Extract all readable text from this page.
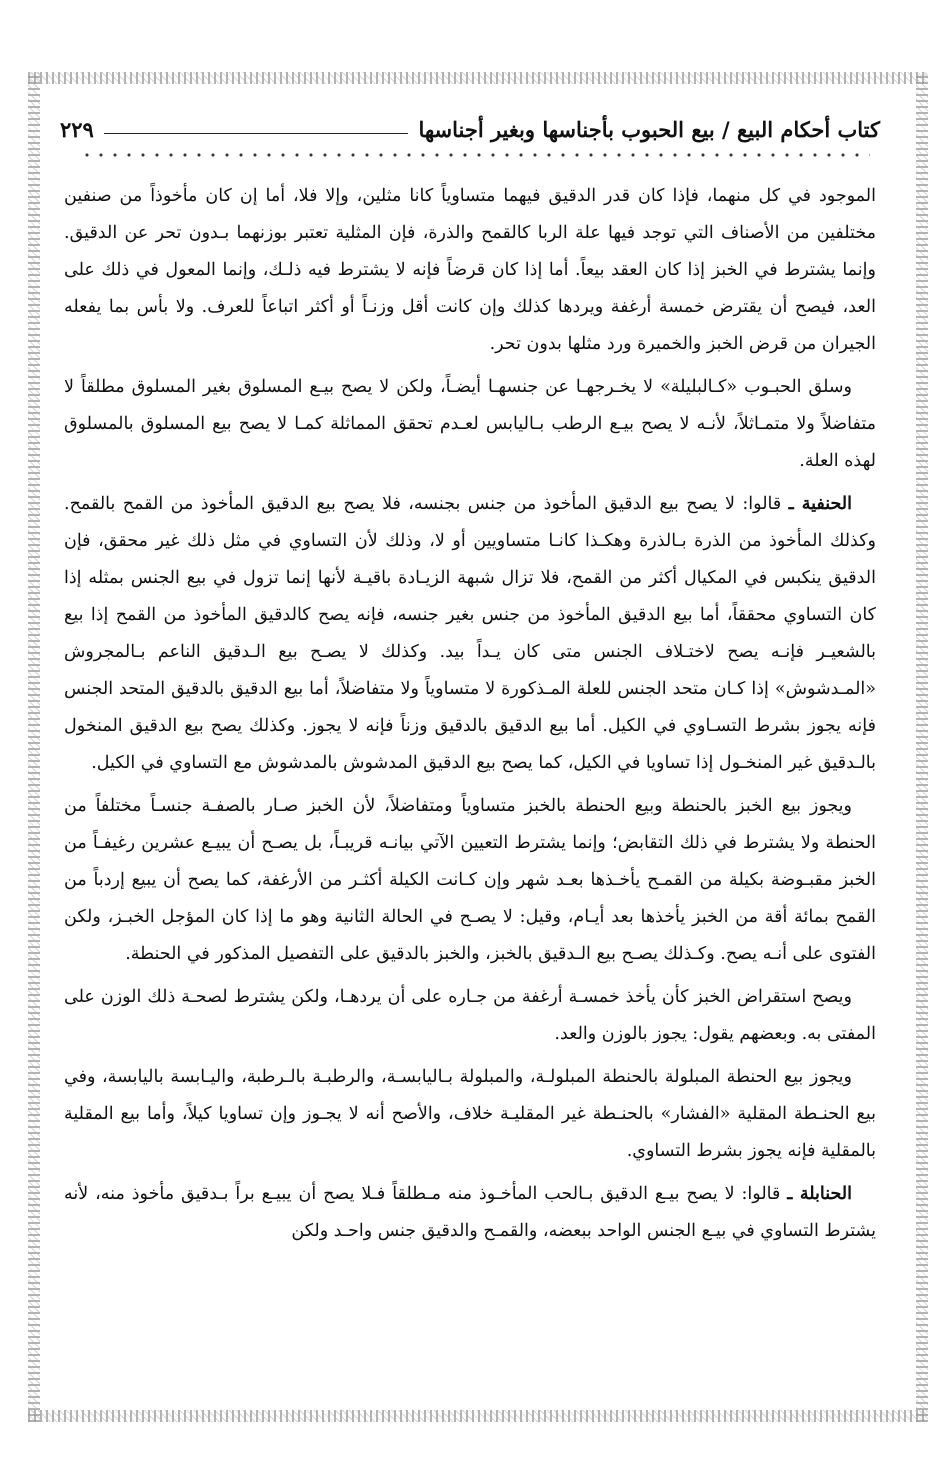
كتاب أحكام البيع / بيع الحبوب بأجناسها وبغير أجناسها
٢٢٩

الموجود في كل منهما، فإذا كان قدر الدقيق فيهما متساوياً كانا مثلين، وإلا فلا، أما إن كان مأخوذاً من صنفين مختلفين من الأصناف التي توجد فيها علة الربا كالقمح والذرة، فإن المثلية تعتبر بوزنهما بـدون تحر عن الدقيق. وإنما يشترط في الخبز إذا كان العقد بيعاً. أما إذا كان قرضاً فإنه لا يشترط فيه ذلـك، وإنما المعول في ذلك على العد، فيصح أن يقترض خمسة أرغفة ويردها كذلك وإن كانت أقل وزنـاً أو أكثر اتباعاً للعرف. ولا بأس بما يفعله الجيران من قرض الخبز والخميرة ورد مثلها بدون تحر.

وسلق الحبـوب «كـالبليلة» لا يخـرجهـا عن جنسهـا أيضـاً، ولكن لا يصح بيـع المسلوق بغير المسلوق مطلقاً لا متفاضلاً ولا متمـاثلاً، لأنـه لا يصح بيـع الرطب بـاليابس لعـدم تحقق المماثلة كمـا لا يصح بيع المسلوق بالمسلوق لهذه العلة.

الحنفية ـ قالوا: لا يصح بيع الدقيق المأخوذ من جنس بجنسه، فلا يصح بيع الدقيق المأخوذ من القمح بالقمح. وكذلك المأخوذ من الذرة بـالذرة وهكـذا كانـا متساويين أو لا، وذلك لأن التساوي في مثل ذلك غير محقق، فإن الدقيق ينكبس في المكيال أكثر من القمح، فلا تزال شبهة الزيـادة باقيـة لأنها إنما تزول في بيع الجنس بمثله إذا كان التساوي محققاً، أما بيع الدقيق المأخوذ من جنس بغير جنسه، فإنه يصح كالدقيق المأخوذ من القمح إذا بيع بالشعيـر فإنـه يصح لاختـلاف الجنس متى كان يـداً بيد. وكذلك لا يصـح بيع الـدقيق الناعم بـالمجروش «المـدشوش» إذا كـان متحد الجنس للعلة المـذكورة لا متساوياً ولا متفاضلاً، أما بيع الدقيق بالدقيق المتحد الجنس فإنه يجوز بشرط التسـاوي في الكيل. أما بيع الدقيق بالدقيق وزناً فإنه لا يجوز. وكذلك يصح بيع الدقيق المنخول بالـدقيق غير المنخـول إذا تساويا في الكيل، كما يصح بيع الدقيق المدشوش بالمدشوش مع التساوي في الكيل.

ويجوز بيع الخبز بالحنطة وبيع الحنطة بالخبز متساوياً ومتفاضلاً، لأن الخبز صـار بالصفـة جنسـاً مختلفاً من الحنطة ولا يشترط في ذلك التقابض؛ وإنما يشترط التعيين الآتي بيانـه قريبـاً، بل يصـح أن يبيـع عشرين رغيفـاً من الخبز مقبـوضة بكيلة من القمـح يأخـذها بعـد شهر وإن كـانت الكيلة أكثـر من الأرغفة، كما يصح أن يبيع إردباً من القمح بمائة أقة من الخبز يأخذها بعد أيـام، وقيل: لا يصـح في الحالة الثانية وهو ما إذا كان المؤجل الخبـز، ولكن الفتوى على أنـه يصح. وكـذلك يصـح بيع الـدقيق بالخبز، والخبز بالدقيق على التفصيل المذكور في الحنطة.

ويصح استقراض الخبز كأن يأخذ خمسـة أرغفة من جـاره على أن يردهـا، ولكن يشترط لصحـة ذلك الوزن على المفتى به. وبعضهم يقول: يجوز بالوزن والعد.

ويجوز بيع الحنطة المبلولة بالحنطة المبلولـة، والمبلولة بـاليابسـة، والرطبـة بالـرطبة، واليـابسة باليابسة، وفي بيع الحنـطة المقلية «الفشار» بالحنـطة غير المقليـة خلاف، والأصح أنه لا يجـوز وإن تساويا كيلاً، وأما بيع المقلية بالمقلية فإنه يجوز بشرط التساوي.

الحنابلة ـ قالوا: لا يصح بيـع الدقيق بـالحب المأخـوذ منه مـطلقاً فـلا يصح أن يبيـع براً بـدقيق مأخوذ منه، لأنه يشترط التساوي في بيـع الجنس الواحد ببعضه، والقمـح والدقيق جنس واحـد ولكن
